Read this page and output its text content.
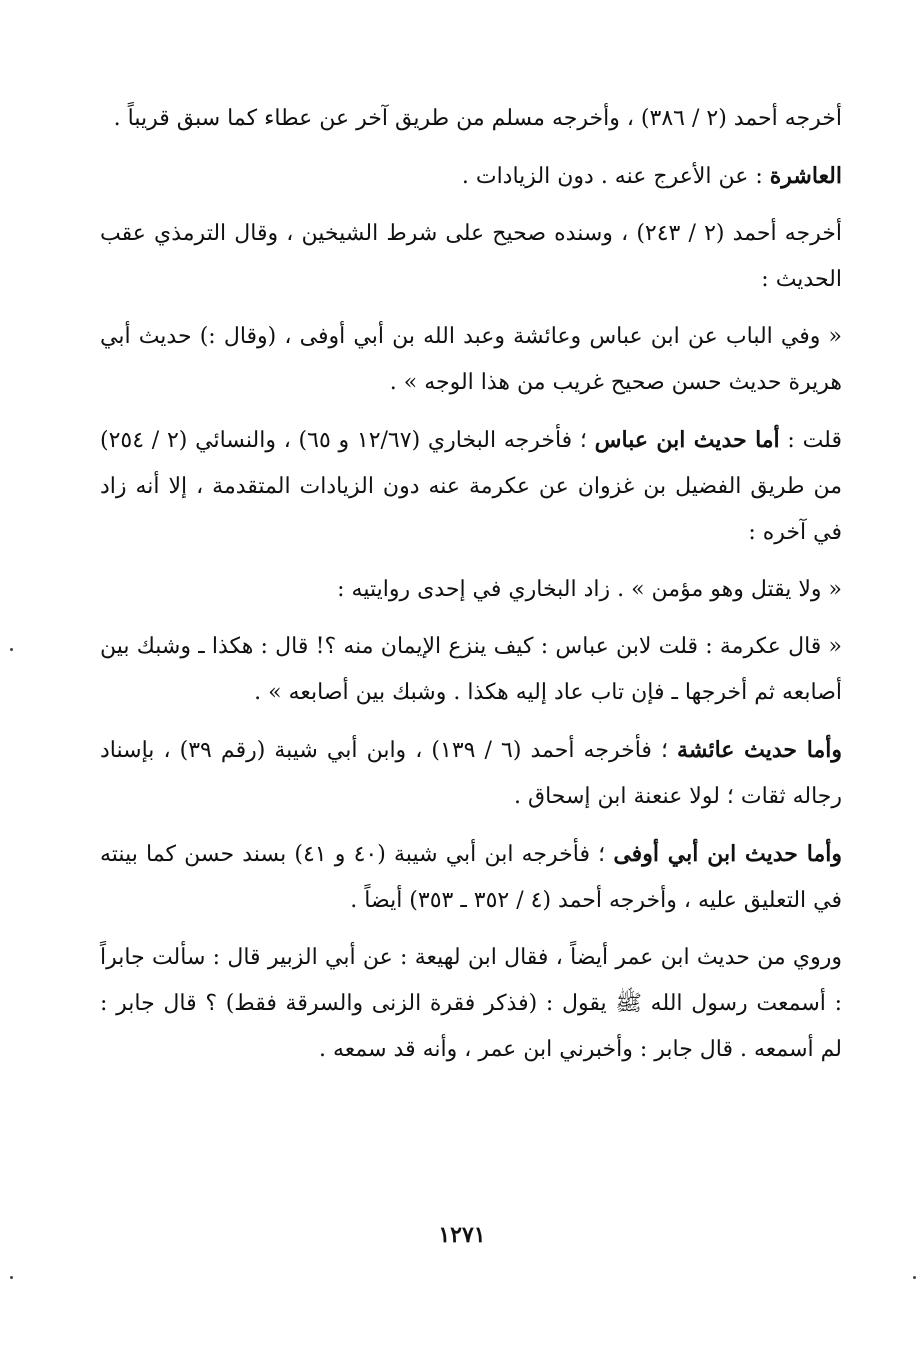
أخرجه أحمد (٢ / ٣٨٦) ، وأخرجه مسلم من طريق آخر عن عطاء كما سبق قريباً .

العاشرة : عن الأعرج عنه . دون الزيادات .

أخرجه أحمد (٢ / ٢٤٣) ، وسنده صحيح على شرط الشيخين ، وقال الترمذي عقب الحديث :

« وفي الباب عن ابن عباس وعائشة وعبد الله بن أبي أوفى ، (وقال :) حديث أبي هريرة حديث حسن صحيح غريب من هذا الوجه » .

قلت : أما حديث ابن عباس ؛ فأخرجه البخاري (١٢/٦٧ و ٦٥) ، والنسائي (٢ / ٢٥٤) من طريق الفضيل بن غزوان عن عكرمة عنه دون الزيادات المتقدمة ، إلا أنه زاد في آخره :

« ولا يقتل وهو مؤمن » . زاد البخاري في إحدى روايتيه :

« قال عكرمة : قلت لابن عباس : كيف ينزع الإيمان منه ؟! قال : هكذا ـ وشبك بين أصابعه ثم أخرجها ـ فإن تاب عاد إليه هكذا . وشبك بين أصابعه » .

وأما حديث عائشة ؛ فأخرجه أحمد (٦ / ١٣٩) ، وابن أبي شيبة (رقم ٣٩) ، بإسناد رجاله ثقات ؛ لولا عنعنة ابن إسحاق .

وأما حديث ابن أبي أوفى ؛ فأخرجه ابن أبي شيبة (٤٠ و ٤١) بسند حسن كما بينته في التعليق عليه ، وأخرجه أحمد (٤ / ٣٥٢ ـ ٣٥٣) أيضاً .

وروي من حديث ابن عمر أيضاً ، فقال ابن لهيعة : عن أبي الزبير قال : سألت جابراً : أسمعت رسول الله ﷺ يقول : (فذكر فقرة الزنى والسرقة فقط) ؟ قال جابر : لم أسمعه . قال جابر : وأخبرني ابن عمر ، وأنه قد سمعه .

١٢٧١
